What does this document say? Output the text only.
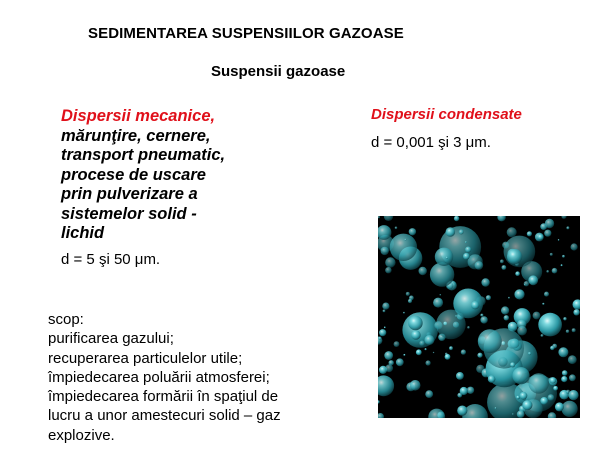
SEDIMENTAREA SUSPENSIILOR GAZOASE
Suspensii gazoase
Dispersii mecanice,
mărunţire, cernere,
transport pneumatic,
procese de uscare
prin pulverizare a
sistemelor solid -
lichid
d = 5 şi 50 μm.
Dispersii condensate
d = 0,001 şi 3 μm.
scop:
purificarea gazului;
recuperarea particulelor utile;
împiedecarea poluării atmosferei;
împiedecarea formării în spaţiul de
lucru a unor amestecuri solid – gaz
explozive.
